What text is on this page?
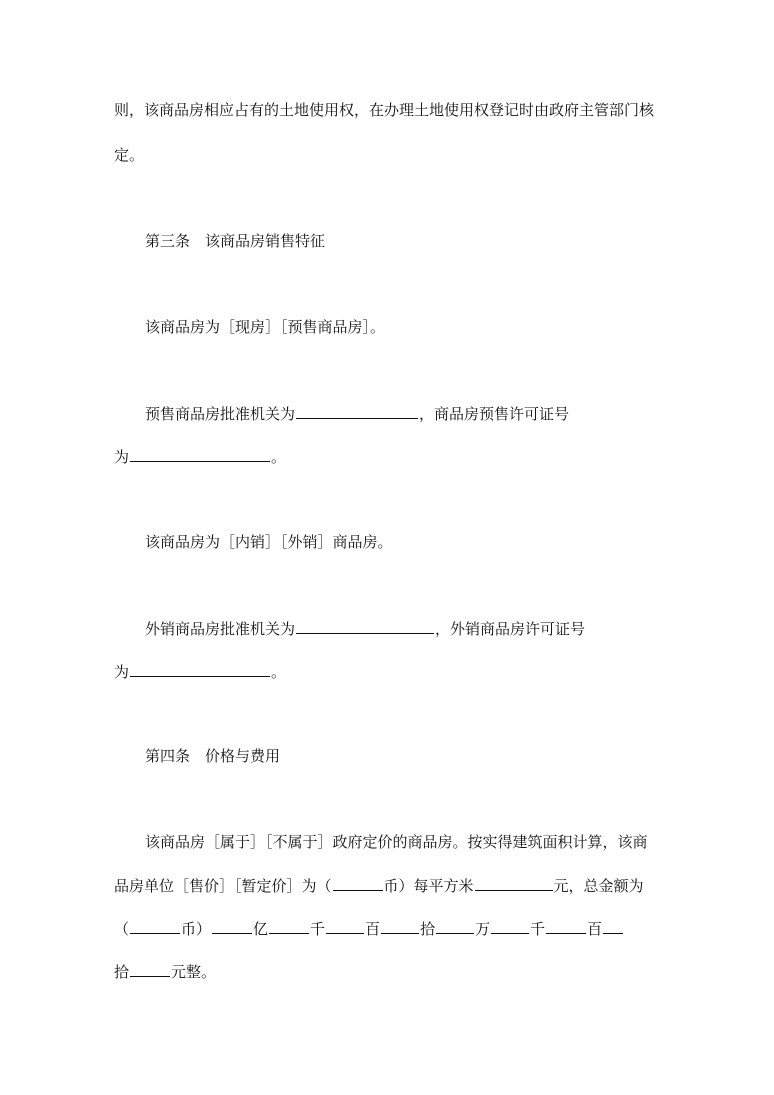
则，该商品房相应占有的土地使用权，在办理土地使用权登记时由政府主管部门核
定。
第三条　该商品房销售特征
该商品房为［现房］［预售商品房］。
预售商品房批准机关为	，商品房预售许可证号
为	。
该商品房为［内销］［外销］商品房。
外销商品房批准机关为	，外销商品房许可证号
为	。
第四条　价格与费用
该商品房［属于］［不属于］政府定价的商品房。按实得建筑面积计算，该商
品房单位［售价］［暂定价］为（	币）每平方米	元，总金额为
（	币）	亿	千	百	拾	万	千	百
拾	元整。
